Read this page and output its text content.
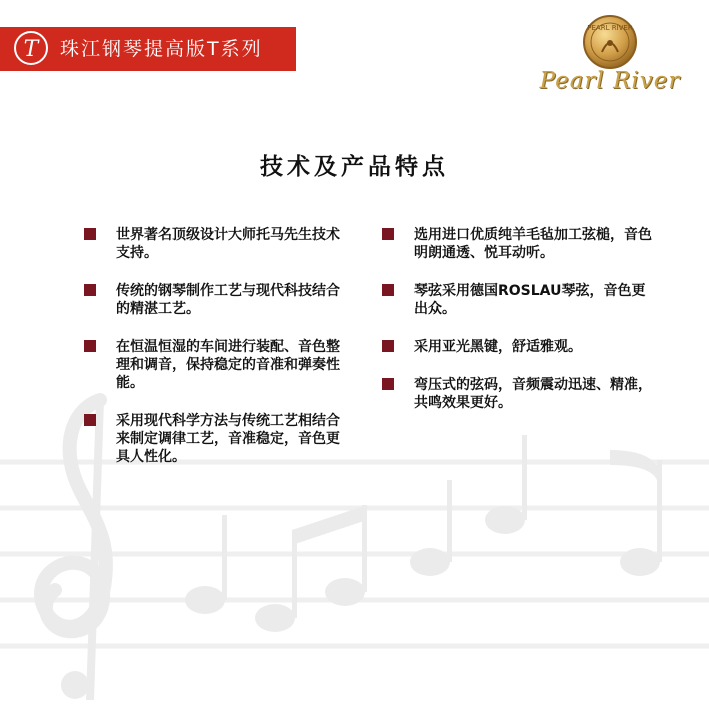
T 珠江钢琴提高版T系列
PEARL RIVER
Pearl River
技术及产品特点
世界著名顶级设计大师托马先生技术支持。
传统的钢琴制作工艺与现代科技结合的精湛工艺。
在恒温恒湿的车间进行装配、音色整理和调音，保持稳定的音准和弹奏性能。
采用现代科学方法与传统工艺相结合来制定调律工艺，音准稳定，音色更具人性化。
选用进口优质纯羊毛毡加工弦槌，音色明朗通透、悦耳动听。
琴弦采用德国ROSLAU琴弦，音色更出众。
采用亚光黑键，舒适雅观。
弯压式的弦码，音频震动迅速、精准，共鸣效果更好。
